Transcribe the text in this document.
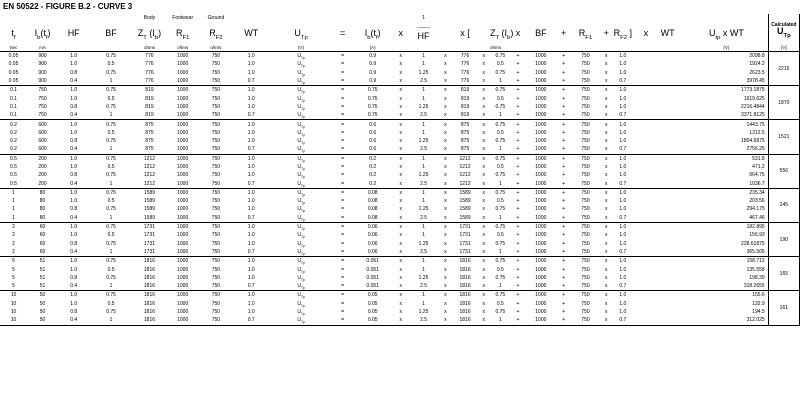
EN 50522 - FIGURE B.2 - CURVE 3
				Body	Footwear	Ground						1													Calculated
$U_{Tp}$
$t_f$	$I_b(t_f)$	HF	BF	$Z_T$ $(I_b)$	$R_{F1}$	$R_{F2}$	WT	$U_{Tp}$	=	$I_b(t_f)$	x	--------
HF		x [		$Z_T$ $(I_b)$	x	BF	+	$R_{F1}$	+	$R_{F2}$ ]	x WT	$U_{tp}$ x WT	
Sec	mA			ohms	ohms	ohms		(V)		(A)						ohms								(V)	[V]
0.05	900	1.0	0.75	776	1000	750	1.0	$U_{Tp}$	=	0.9	x	1	x	776	x	0.75	+	1000	+	750	x	1.0		2098.8	2216
0.05	900	1.0	0.5	776	1000	750	1.0	$U_{Tp}$	=	0.9	x	1	x	776	x	0.5	+	1000	+	750	x	1.0		1924.2	
0.05	900	0.8	0.75	776	1000	750	1.0	$U_{Tp}$	=	0.9	x	1.25	x	776	x	0.75	+	1000	+	750	x	1.0		2623.5	
0.05	900	0.4	1	776	1000	750	0.7	$U_{Tp}$	=	0.9	x	2.5	x	776	x	1	+	1000	+	750	x	0.7		3978.45	
0.1	750	1.0	0.75	819	1000	750	1.0	$U_{Tp}$	=	0.75	x	1	x	819	x	0.75	+	1000	+	750	x	1.0		1773.1875	1870
0.1	750	1.0	0.5	819	1000	750	1.0	$U_{Tp}$	=	0.75	x	1	x	819	x	0.5	+	1000	+	750	x	1.0		1619.625	
0.1	750	0.8	0.75	819	1000	750	1.0	$U_{Tp}$	=	0.75	x	1.25	x	819	x	0.75	+	1000	+	750	x	1.0		2216.4844	
0.1	750	0.4	1	819	1000	750	0.7	$U_{Tp}$	=	0.75	x	2.5	x	819	x	1	+	1000	+	750	x	0.7		3371.8125	
0.2	600	1.0	0.75	875	1000	750	1.0	$U_{Tp}$	=	0.6	x	1	x	875	x	0.75	+	1000	+	750	x	1.0		1443.75	1521
0.2	600	1.0	0.5	875	1000	750	1.0	$U_{Tp}$	=	0.6	x	1	x	875	x	0.5	+	1000	+	750	x	1.0		1312.5	
0.2	600	0.8	0.75	875	1000	750	1.0	$U_{Tp}$	=	0.6	x	1.25	x	875	x	0.75	+	1000	+	750	x	1.0		1804.6875	
0.2	600	0.4	1	875	1000	750	0.7	$U_{Tp}$	=	0.6	x	2.5	x	875	x	1	+	1000	+	750	x	0.7		2756.25	
0.5	200	1.0	0.75	1212	1000	750	1.0	$U_{Tp}$	=	0.2	x	1	x	1212	x	0.75	+	1000	+	750	x	1.0		531.8	556
0.5	200	1.0	0.5	1212	1000	750	1.0	$U_{Tp}$	=	0.2	x	1	x	1212	x	0.5	+	1000	+	750	x	1.0		471.2	
0.5	200	0.8	0.75	1212	1000	750	1.0	$U_{Tp}$	=	0.2	x	1.25	x	1212	x	0.75	+	1000	+	750	x	1.0		664.75	
0.5	200	0.4	1	1212	1000	750	0.7	$U_{Tp}$	=	0.2	x	2.5	x	1212	x	1	+	1000	+	750	x	0.7		1036.7	
1	80	1.0	0.75	1589	1000	750	1.0	$U_{Tp}$	=	0.08	x	1	x	1589	x	0.75	+	1000	+	750	x	1.0		235.34	245
1	80	1.0	0.5	1589	1000	750	1.0	$U_{Tp}$	=	0.08	x	1	x	1589	x	0.5	+	1000	+	750	x	1.0		203.56	
1	80	0.8	0.75	1589	1000	750	1.0	$U_{Tp}$	=	0.08	x	1.25	x	1589	x	0.75	+	1000	+	750	x	1.0		294.175	
1	80	0.4	1	1589	1000	750	0.7	$U_{Tp}$	=	0.08	x	2.5	x	1589	x	1	+	1000	+	750	x	0.7		467.46	
2	60	1.0	0.75	1731	1000	750	1.0	$U_{Tp}$	=	0.06	x	1	x	1731	x	0.75	+	1000	+	750	x	1.0		182.895	190
2	60	1.0	0.5	1731	1000	750	1.0	$U_{Tp}$	=	0.06	x	1	x	1731	x	0.5	+	1000	+	750	x	1.0		156.93	
2	60	0.8	0.75	1731	1000	750	1.0	$U_{Tp}$	=	0.06	x	1.25	x	1731	x	0.75	+	1000	+	750	x	1.0		228.61875	
2	60	0.4	1	1731	1000	750	0.7	$U_{Tp}$	=	0.06	x	2.5	x	1731	x	1	+	1000	+	750	x	0.7		365.505	
5	51	1.0	0.75	1816	1000	750	1.0	$U_{Tp}$	=	0.051	x	1	x	1816	x	0.75	+	1000	+	750	x	1.0		158.712	165
5	51	1.0	0.5	1816	1000	750	1.0	$U_{Tp}$	=	0.051	x	1	x	1816	x	0.5	+	1000	+	750	x	1.0		135.558	
5	51	0.8	0.75	1816	1000	750	1.0	$U_{Tp}$	=	0.051	x	1.25	x	1816	x	0.75	+	1000	+	750	x	1.0		198.39	
5	51	0.4	1	1816	1000	750	0.7	$U_{Tp}$	=	0.051	x	2.5	x	1816	x	1	+	1000	+	750	x	0.7		318.2655	
10	50	1.0	0.75	1816	1000	750	1.0	$U_{Tp}$	=	0.05	x	1	x	1816	x	0.75	+	1000	+	750	x	1.0		155.6	161
10	50	1.0	0.5	1816	1000	750	1.0	$U_{Tp}$	=	0.05	x	1	x	1816	x	0.5	+	1000	+	750	x	1.0		132.9	
10	50	0.8	0.75	1816	1000	750	1.0	$U_{Tp}$	=	0.05	x	1.25	x	1816	x	0.75	+	1000	+	750	x	1.0		194.5	
10	50	0.4	1	1816	1000	750	0.7	$U_{Tp}$	=	0.05	x	2.5	x	1816	x	1	+	1000	+	750	x	0.7		312.025	
